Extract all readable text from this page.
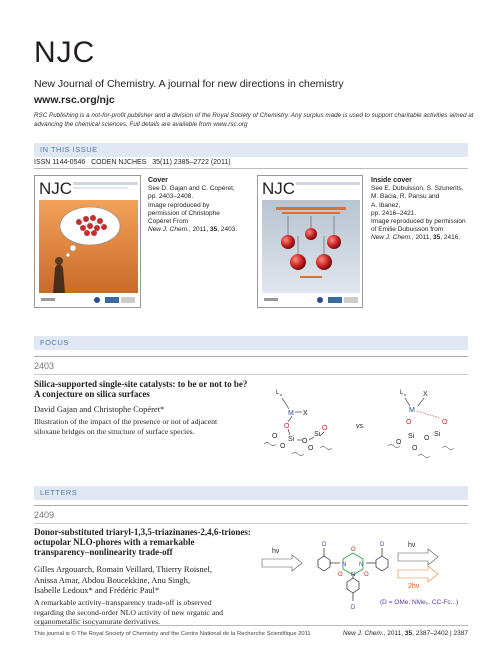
NJC
New Journal of Chemistry. A journal for new directions in chemistry
www.rsc.org/njc
RSC Publishing is a not-for-profit publisher and a division of the Royal Society of Chemistry. Any surplus made is used to support charitable activities aimed at advancing the chemical sciences. Full details are available from www.rsc.org
IN THIS ISSUE
ISSN 1144-0546 CODEN NJCHES 35(11) 2385–2722 (2011)
NJC	Cover
See D. Gajan and C. Copéret,
pp. 2403–2408.
Image reproduced by
permission of Christophe
Copéret From
New J. Chem., 2011, 35, 2403.
NJC	Inside cover
See E. Dubuisson, S. Szunerits,
M. Bacia, R. Pansu and
A. Ibanez,
pp. 2416–2421.
Image reproduced by permission
of Emilie Dubuisson from
New J. Chem., 2011, 35, 2416.
FOCUS
2403
Silica-supported single-site catalysts: to be or not to be?
A conjecture on silica surfaces
David Gajan and Christophe Copéret*
Illustration of the impact of the presence or not of adjacent
siloxane bridges on the structure of surface species.
L n
M X
O
Si
O
O
O
Si
O
O
vs.
L n
M
X
O	O
Si
O
O
O
Si
LETTERS
2409
Donor-substituted triaryl-1,3,5-triazinanes-2,4,6-triones:
octupolar NLO-phores with a remarkable
transparency–nonlinearity trade-off
Gilles Argouarch, Romain Veillard, Thierry Roisnel,
Anissa Amar, Abdou Boucekkine, Anu Singh,
Isabelle Ledoux* and Frédéric Paul*
A remarkable activity–transparency trade-off is observed
regarding the second-order NLO activity of new organic and
organometallic isocyanurate derivatives.
hν
N N
N
O
O	O
D	D
D
hν
2hν
(D = OMe, NMe₂, CC-Fc...)
This journal is © The Royal Society of Chemistry and the Centre National de la Recherche Scientifique 2011	New J. Chem., 2011, 35, 2387–2402 | 2387
